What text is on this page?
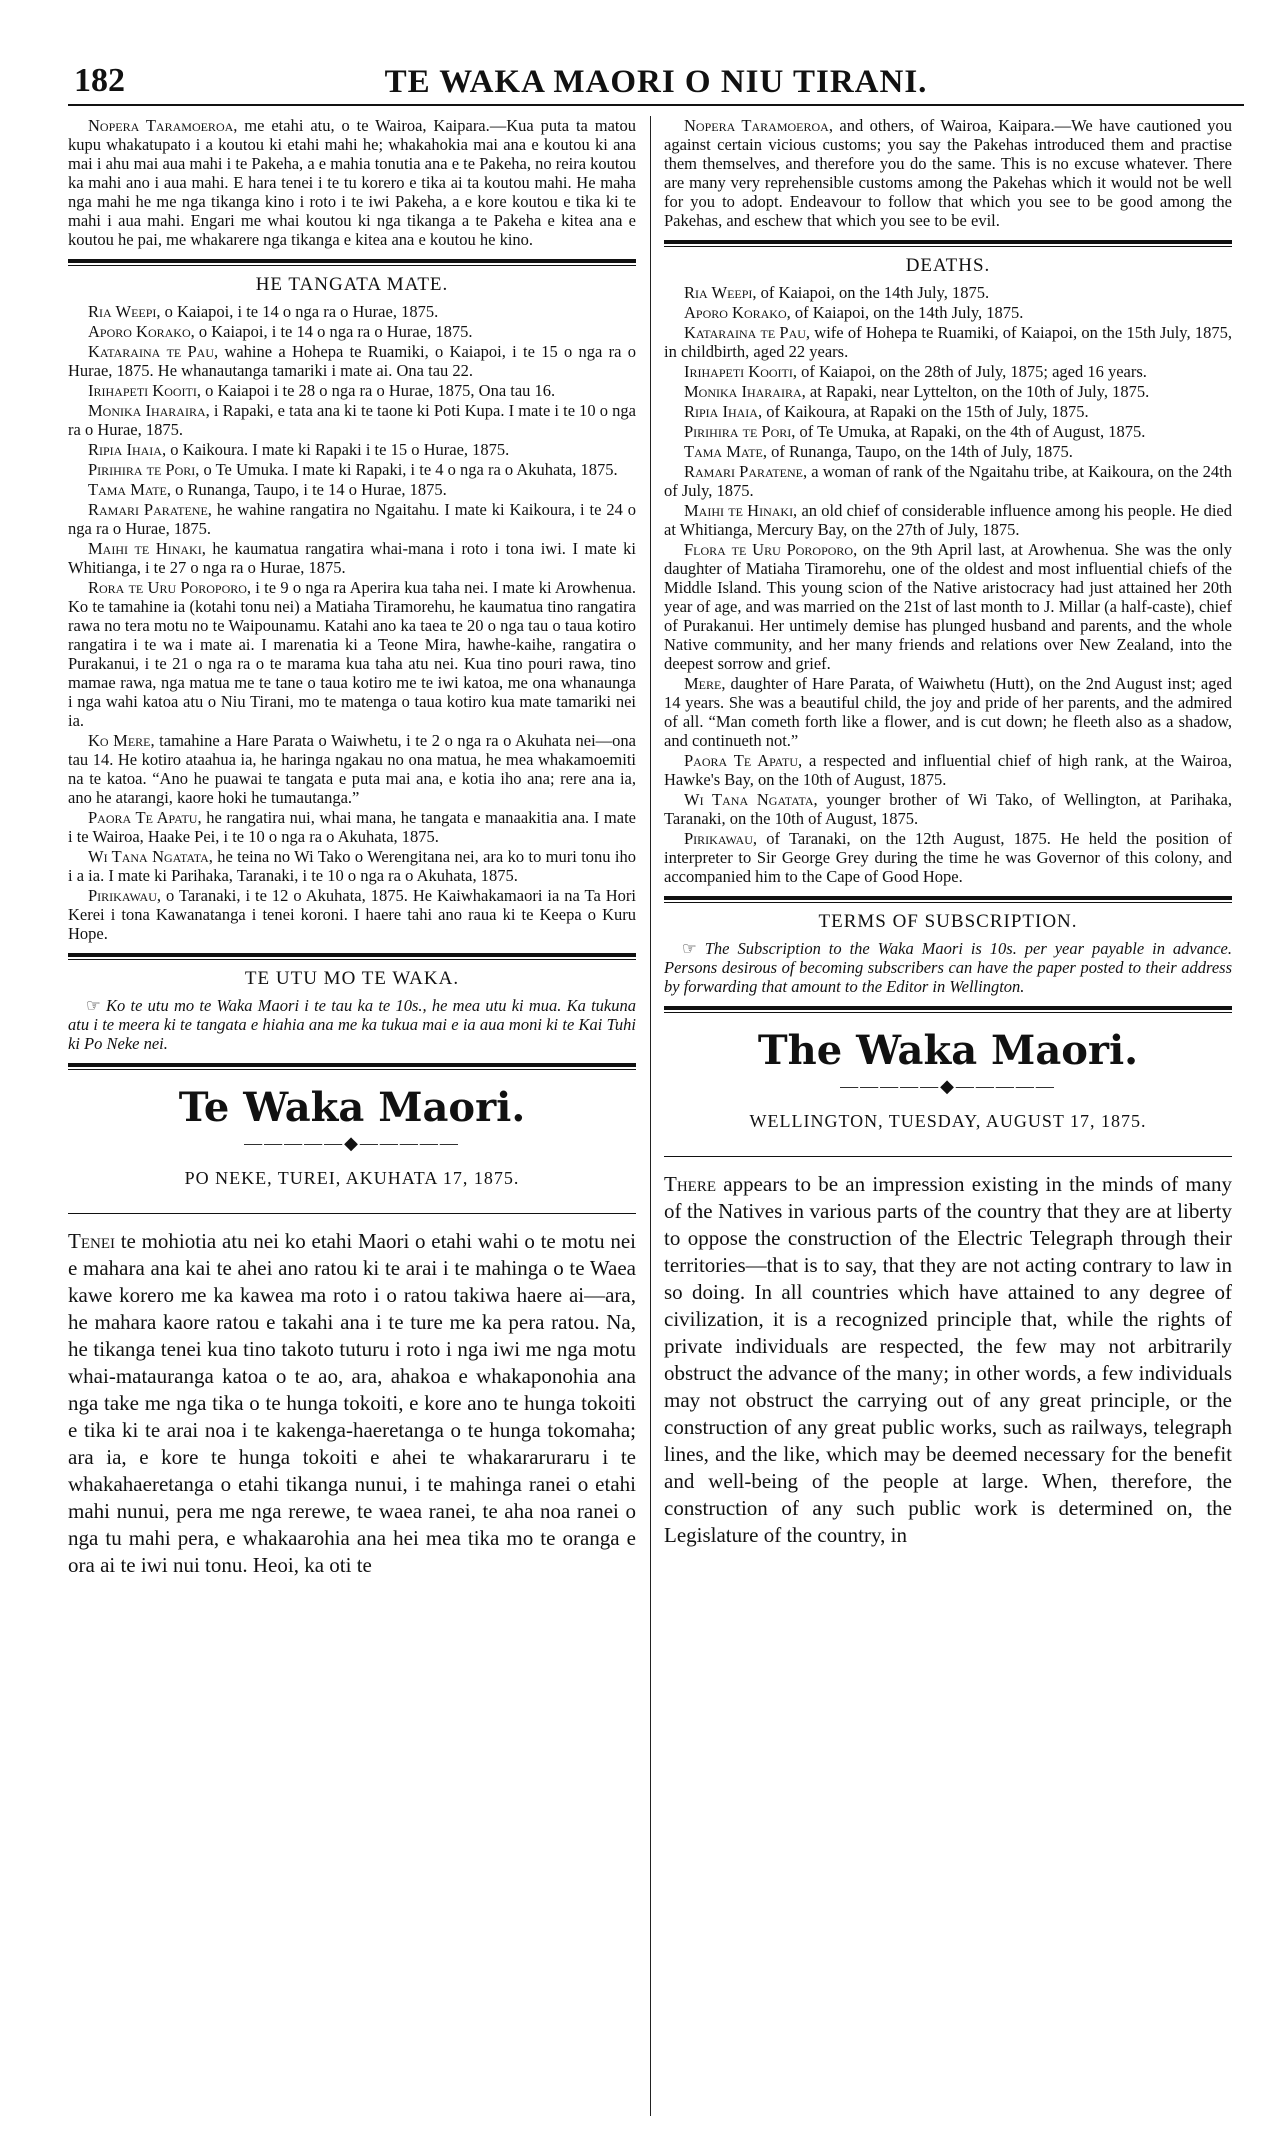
182	TE WAKA MAORI O NIU TIRANI.

Nopera Taramoeroa, me etahi atu, o te Wairoa, Kaipara.—Kua puta ta matou kupu whakatupato i a koutou ki etahi mahi he; whakahokia mai ana e koutou ki ana mai i ahu mai aua mahi i te Pakeha, a e mahia tonutia ana e te Pakeha, no reira koutou ka mahi ano i aua mahi. E hara tenei i te tu korero e tika ai ta koutou mahi. He maha nga mahi he me nga tikanga kino i roto i te iwi Pakeha, a e kore koutou e tika ki te mahi i aua mahi. Engari me whai koutou ki nga tikanga a te Pakeha e kitea ana e koutou he pai, me whakarere nga tikanga e kitea ana e koutou he kino.

HE TANGATA MATE.

Ria Weepi, o Kaiapoi, i te 14 o nga ra o Hurae, 1875.

Aporo Korako, o Kaiapoi, i te 14 o nga ra o Hurae, 1875.

Kataraina te Pau, wahine a Hohepa te Ruamiki, o Kaiapoi, i te 15 o nga ra o Hurae, 1875. He whanautanga tamariki i mate ai. Ona tau 22.

Irihapeti Kooiti, o Kaiapoi i te 28 o nga ra o Hurae, 1875, Ona tau 16.

Monika Iharaira, i Rapaki, e tata ana ki te taone ki Poti Kupa. I mate i te 10 o nga ra o Hurae, 1875.

Ripia Ihaia, o Kaikoura. I mate ki Rapaki i te 15 o Hurae, 1875.

Pirihira te Pori, o Te Umuka. I mate ki Rapaki, i te 4 o nga ra o Akuhata, 1875.

Tama Mate, o Runanga, Taupo, i te 14 o Hurae, 1875.

Ramari Paratene, he wahine rangatira no Ngaitahu. I mate ki Kaikoura, i te 24 o nga ra o Hurae, 1875.

Maihi te Hinaki, he kaumatua rangatira whai-mana i roto i tona iwi. I mate ki Whitianga, i te 27 o nga ra o Hurae, 1875.

Rora te Uru Poroporo, i te 9 o nga ra Aperira kua taha nei. I mate ki Arowhenua. Ko te tamahine ia (kotahi tonu nei) a Matiaha Tiramorehu, he kaumatua tino rangatira rawa no tera motu no te Waipounamu. Katahi ano ka taea te 20 o nga tau o taua kotiro rangatira i te wa i mate ai. I marenatia ki a Teone Mira, hawhe-kaihe, rangatira o Purakanui, i te 21 o nga ra o te marama kua taha atu nei. Kua tino pouri rawa, tino mamae rawa, nga matua me te tane o taua kotiro me te iwi katoa, me ona whanaunga i nga wahi katoa atu o Niu Tirani, mo te matenga o taua kotiro kua mate tamariki nei ia.

Ko Mere, tamahine a Hare Parata o Waiwhetu, i te 2 o nga ra o Akuhata nei—ona tau 14. He kotiro ataahua ia, he haringa ngakau no ona matua, he mea whakamoemiti na te katoa. “Ano he puawai te tangata e puta mai ana, e kotia iho ana; rere ana ia, ano he atarangi, kaore hoki he tumautanga.”

Paora Te Apatu, he rangatira nui, whai mana, he tangata e manaakitia ana. I mate i te Wairoa, Haake Pei, i te 10 o nga ra o Akuhata, 1875.

Wi Tana Ngatata, he teina no Wi Tako o Werengitana nei, ara ko to muri tonu iho i a ia. I mate ki Parihaka, Taranaki, i te 10 o nga ra o Akuhata, 1875.

Pirikawau, o Taranaki, i te 12 o Akuhata, 1875. He Kaiwhakamaori ia na Ta Hori Kerei i tona Kawanatanga i tenei koroni. I haere tahi ano raua ki te Keepa o Kuru Hope.

TE UTU MO TE WAKA.

☞ Ko te utu mo te Waka Maori i te tau ka te 10s., he mea utu ki mua. Ka tukuna atu i te meera ki te tangata e hiahia ana me ka tukua mai e ia aua moni ki te Kai Tuhi ki Po Neke nei.

Te Waka Maori.
―――――◆―――――
PO NEKE, TUREI, AKUHATA 17, 1875.

Tenei te mohiotia atu nei ko etahi Maori o etahi wahi o te motu nei e mahara ana kai te ahei ano ratou ki te arai i te mahinga o te Waea kawe korero me ka kawea ma roto i o ratou takiwa haere ai—ara, he mahara kaore ratou e takahi ana i te ture me ka pera ratou. Na, he tikanga tenei kua tino takoto tuturu i roto i nga iwi me nga motu whai-matauranga katoa o te ao, ara, ahakoa e whakaponohia ana nga take me nga tika o te hunga tokoiti, e kore ano te hunga tokoiti e tika ki te arai noa i te kakenga-haeretanga o te hunga tokomaha; ara ia, e kore te hunga tokoiti e ahei te whakararuraru i te whakahaeretanga o etahi tikanga nunui, i te mahinga ranei o etahi mahi nunui, pera me nga rerewe, te waea ranei, te aha noa ranei o nga tu mahi pera, e whakaarohia ana hei mea tika mo te oranga e ora ai te iwi nui tonu. Heoi, ka oti te

Nopera Taramoeroa, and others, of Wairoa, Kaipara.—We have cautioned you against certain vicious customs; you say the Pakehas introduced them and practise them themselves, and therefore you do the same. This is no excuse whatever. There are many very reprehensible customs among the Pakehas which it would not be well for you to adopt. Endeavour to follow that which you see to be good among the Pakehas, and eschew that which you see to be evil.

DEATHS.

Ria Weepi, of Kaiapoi, on the 14th July, 1875.

Aporo Korako, of Kaiapoi, on the 14th July, 1875.

Kataraina te Pau, wife of Hohepa te Ruamiki, of Kaiapoi, on the 15th July, 1875, in childbirth, aged 22 years.

Irihapeti Kooiti, of Kaiapoi, on the 28th of July, 1875; aged 16 years.

Monika Iharaira, at Rapaki, near Lyttelton, on the 10th of July, 1875.

Ripia Ihaia, of Kaikoura, at Rapaki on the 15th of July, 1875.

Pirihira te Pori, of Te Umuka, at Rapaki, on the 4th of August, 1875.

Tama Mate, of Runanga, Taupo, on the 14th of July, 1875.

Ramari Paratene, a woman of rank of the Ngaitahu tribe, at Kaikoura, on the 24th of July, 1875.

Maihi te Hinaki, an old chief of considerable influence among his people. He died at Whitianga, Mercury Bay, on the 27th of July, 1875.

Flora te Uru Poroporo, on the 9th April last, at Arowhenua. She was the only daughter of Matiaha Tiramorehu, one of the oldest and most influential chiefs of the Middle Island. This young scion of the Native aristocracy had just attained her 20th year of age, and was married on the 21st of last month to J. Millar (a half-caste), chief of Purakanui. Her untimely demise has plunged husband and parents, and the whole Native community, and her many friends and relations over New Zealand, into the deepest sorrow and grief.

Mere, daughter of Hare Parata, of Waiwhetu (Hutt), on the 2nd August inst; aged 14 years. She was a beautiful child, the joy and pride of her parents, and the admired of all. “Man cometh forth like a flower, and is cut down; he fleeth also as a shadow, and continueth not.”

Paora Te Apatu, a respected and influential chief of high rank, at the Wairoa, Hawke's Bay, on the 10th of August, 1875.

Wi Tana Ngatata, younger brother of Wi Tako, of Wellington, at Parihaka, Taranaki, on the 10th of August, 1875.

Pirikawau, of Taranaki, on the 12th August, 1875. He held the position of interpreter to Sir George Grey during the time he was Governor of this colony, and accompanied him to the Cape of Good Hope.

TERMS OF SUBSCRIPTION.

☞ The Subscription to the Waka Maori is 10s. per year payable in advance. Persons desirous of becoming subscribers can have the paper posted to their address by forwarding that amount to the Editor in Wellington.

The Waka Maori.
―――――◆―――――
WELLINGTON, TUESDAY, AUGUST 17, 1875.

There appears to be an impression existing in the minds of many of the Natives in various parts of the country that they are at liberty to oppose the construction of the Electric Telegraph through their territories—that is to say, that they are not acting contrary to law in so doing. In all countries which have attained to any degree of civilization, it is a recognized principle that, while the rights of private individuals are respected, the few may not arbitrarily obstruct the advance of the many; in other words, a few individuals may not obstruct the carrying out of any great principle, or the construction of any great public works, such as railways, telegraph lines, and the like, which may be deemed necessary for the benefit and well-being of the people at large. When, therefore, the construction of any such public work is determined on, the Legislature of the country, in
